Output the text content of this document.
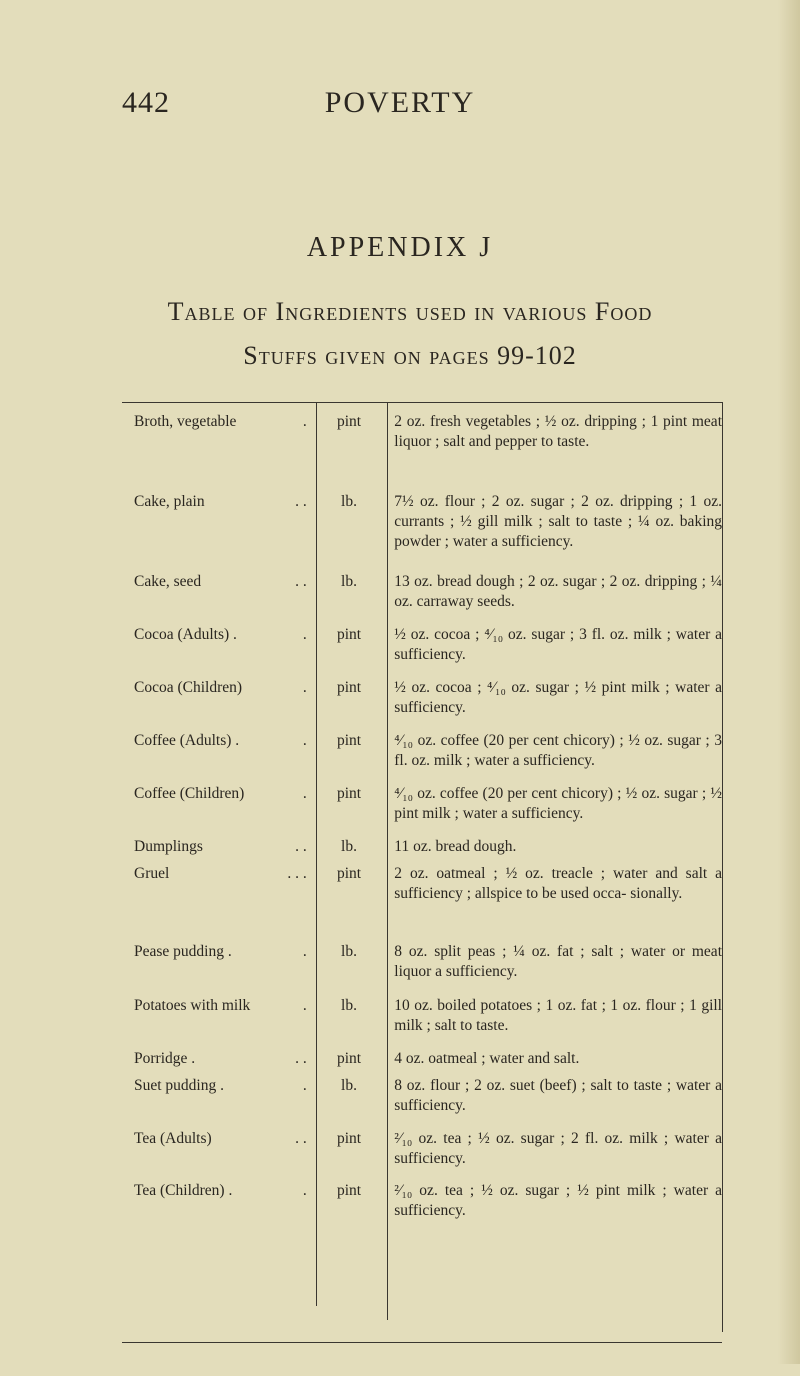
442	POVERTY
APPENDIX J
Table of Ingredients used in various Food
Stuffs given on pages 99-102
Broth, vegetable	.	pint	2 oz. fresh vegetables ; ½ oz. dripping ; 1 pint meat liquor ; salt and pepper to taste.
Cake, plain	. .	lb.	7½ oz. flour ; 2 oz. sugar ; 2 oz. dripping ; 1 oz. currants ; ½ gill milk ; salt to taste ; ¼ oz. baking powder ; water a sufficiency.
Cake, seed	. .	lb.	13 oz. bread dough ; 2 oz. sugar ; 2 oz. dripping ; ¼ oz. carraway seeds.
Cocoa (Adults) .	.	pint	½ oz. cocoa ; ⁴⁄₁₀ oz. sugar ; 3 fl. oz. milk ; water a sufficiency.
Cocoa (Children)	.	pint	½ oz. cocoa ; ⁴⁄₁₀ oz. sugar ; ½ pint milk ; water a sufficiency.
Coffee (Adults) .	.	pint	⁴⁄₁₀ oz. coffee (20 per cent chicory) ; ½ oz. sugar ; 3 fl. oz. milk ; water a sufficiency.
Coffee (Children)	.	pint	⁴⁄₁₀ oz. coffee (20 per cent chicory) ; ½ oz. sugar ; ½ pint milk ; water a sufficiency.
Dumplings	. .	lb.	11 oz. bread dough.
Gruel	. . .	pint	2 oz. oatmeal ; ½ oz. treacle ; water and salt a sufficiency ; allspice to be used occa- sionally.
Pease pudding .	.	lb.	8 oz. split peas ; ¼ oz. fat ; salt ; water or meat liquor a sufficiency.
Potatoes with milk	.	lb.	10 oz. boiled potatoes ; 1 oz. fat ; 1 oz. flour ; 1 gill milk ; salt to taste.
Porridge .	. .	pint	4 oz. oatmeal ; water and salt.
Suet pudding .	.	lb.	8 oz. flour ; 2 oz. suet (beef) ; salt to taste ; water a sufficiency.
Tea (Adults)	. .	pint	²⁄₁₀ oz. tea ; ½ oz. sugar ; 2 fl. oz. milk ; water a sufficiency.
Tea (Children) .	.	pint	²⁄₁₀ oz. tea ; ½ oz. sugar ; ½ pint milk ; water a sufficiency.
